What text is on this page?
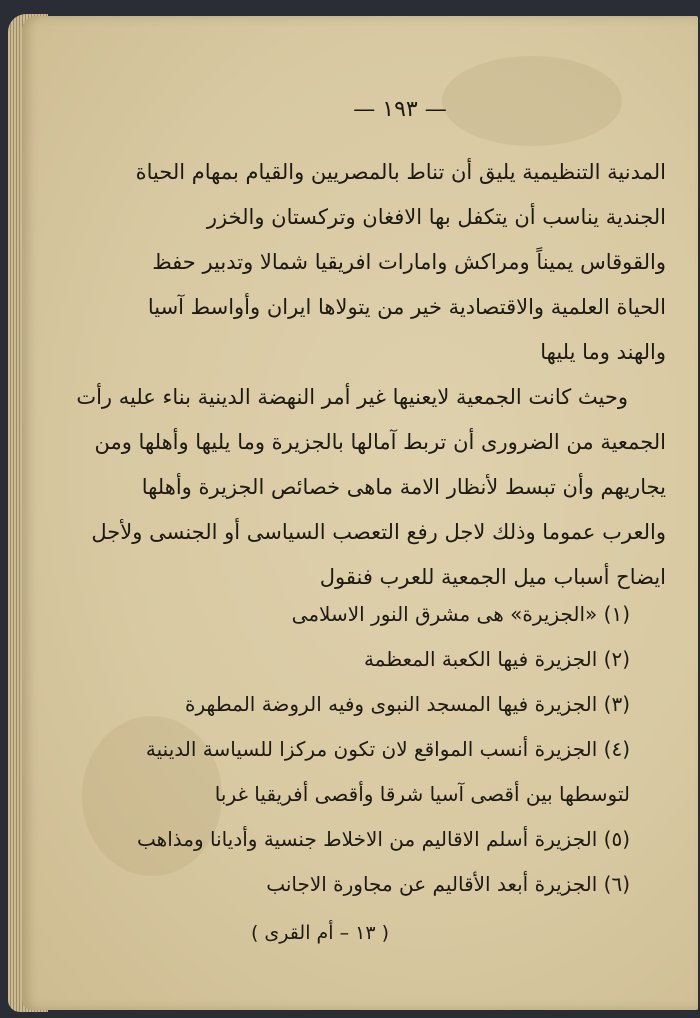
— ١٩٣ —
المدنية التنظيمية يليق أن تناط بالمصريين والقيام بمهام الحياة
الجندية يناسب أن يتكفل بها الافغان وتركستان والخزر
والقوقاس يميناً ومراكش وامارات افريقيا شمالا وتدبير حفظ
الحياة العلمية والاقتصادية خير من يتولاها ايران وأواسط آسيا
والهند وما يليها
وحيث كانت الجمعية لايعنيها غير أمر النهضة الدينية بناء عليه رأت
الجمعية من الضرورى أن تربط آمالها بالجزيرة وما يليها وأهلها ومن
يجاريهم وأن تبسط لأنظار الامة ماهى خصائص الجزيرة وأهلها
والعرب عموما وذلك لاجل رفع التعصب السياسى أو الجنسى ولأجل
ايضاح أسباب ميل الجمعية للعرب فنقول
(١) «الجزيرة» هى مشرق النور الاسلامى
(٢) الجزيرة فيها الكعبة المعظمة
(٣) الجزيرة فيها المسجد النبوى وفيه الروضة المطهرة
(٤) الجزيرة أنسب المواقع لان تكون مركزا للسياسة الدينية
لتوسطها بين أقصى آسيا شرقا وأقصى أفريقيا غربا
(٥) الجزيرة أسلم الاقاليم من الاخلاط جنسية وأديانا ومذاهب
(٦) الجزيرة أبعد الأقاليم عن مجاورة الاجانب
( ١٣ – أم القرى )
